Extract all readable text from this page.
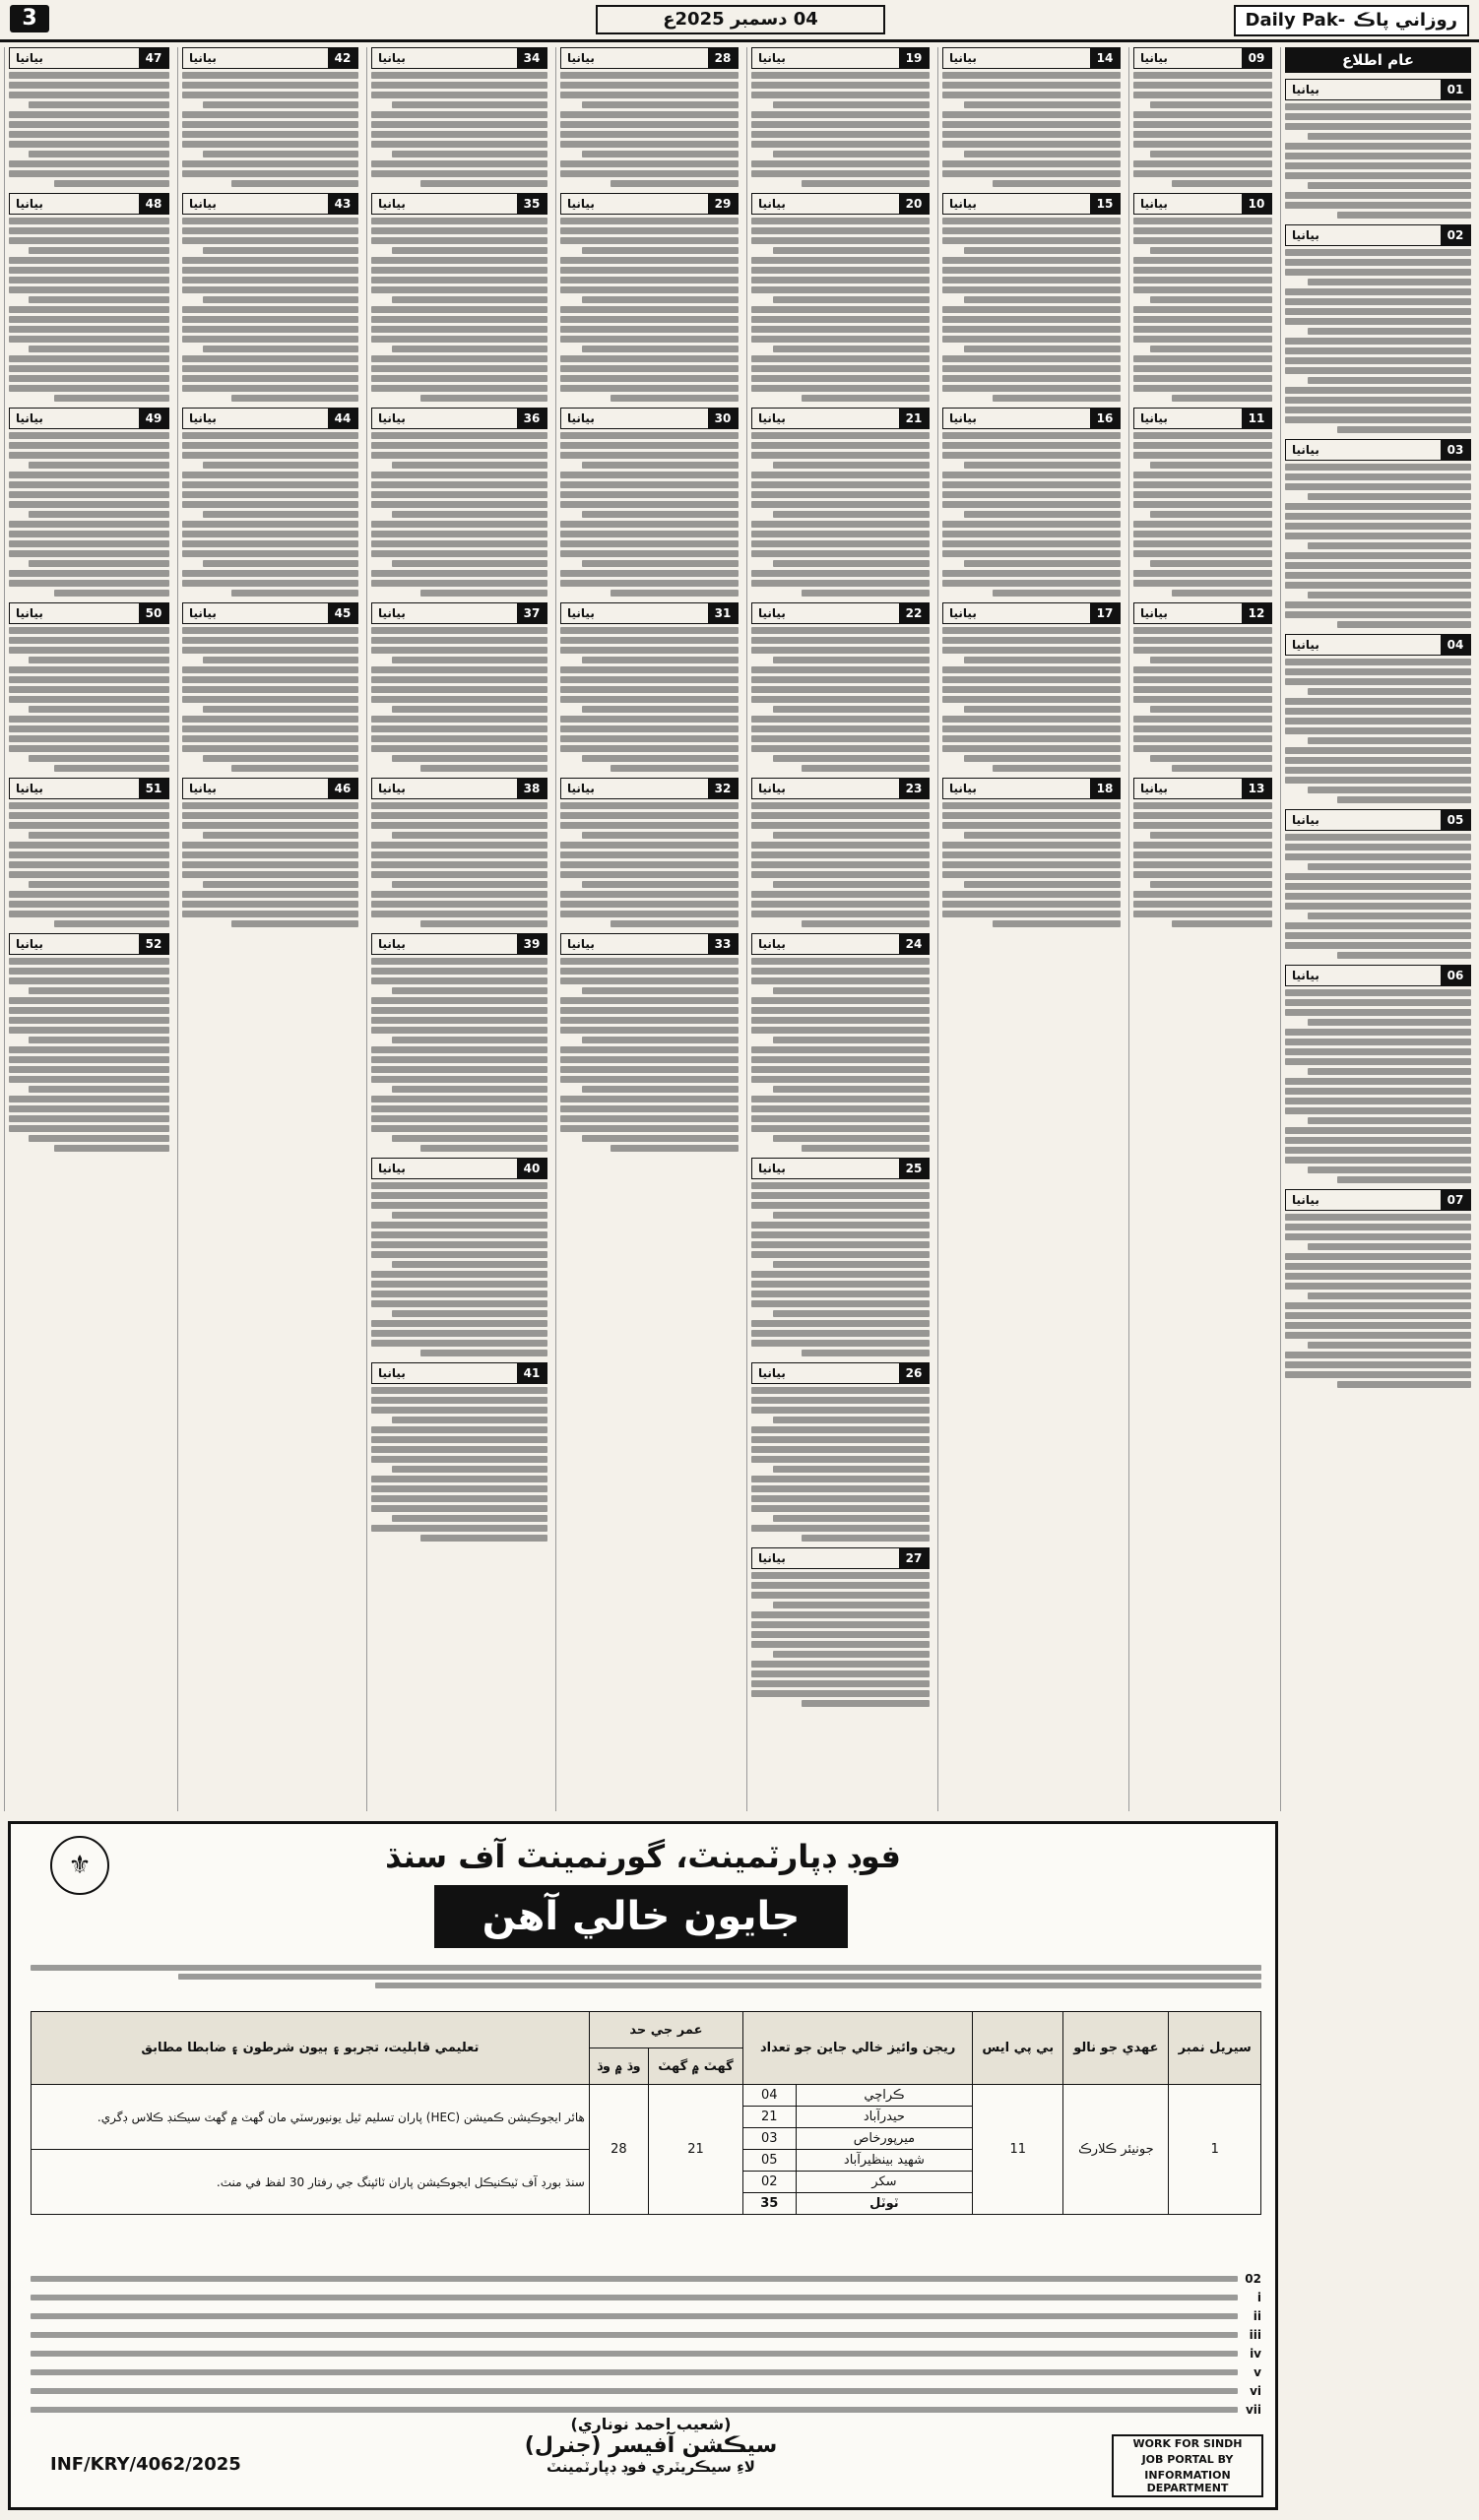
3	04 دسمبر 2025ع	Daily Pak- روزاني پاڪ
47
بيانيا
48
بيانيا
49
بيانيا
50
بيانيا
51
بيانيا
52
بيانيا
42
بيانيا
43
بيانيا
44
بيانيا
45
بيانيا
46
بيانيا
34
بيانيا
35
بيانيا
36
بيانيا
37
بيانيا
38
بيانيا
39
بيانيا
40
بيانيا
41
بيانيا
28
بيانيا
29
بيانيا
30
بيانيا
31
بيانيا
32
بيانيا
33
بيانيا
19
بيانيا
20
بيانيا
21
بيانيا
22
بيانيا
23
بيانيا
24
بيانيا
25
بيانيا
26
بيانيا
27
بيانيا
14
بيانيا
15
بيانيا
16
بيانيا
17
بيانيا
18
بيانيا
09
بيانيا
10
بيانيا
11
بيانيا
12
بيانيا
13
بيانيا
عام اطلاع
01
بيانيا
02
بيانيا
03
بيانيا
04
بيانيا
05
بيانيا
06
بيانيا
07
بيانيا
⚜	فوڊ ڊپارٽمينٽ، گورنمينٽ آف سنڌ
جايون خالي آهن
سيريل نمبر	عهدي جو نالو	بي پي ايس	ريجن وائيز خالي جاين جو تعداد		عمر جي حد		تعليمي قابليت، تجربو ۽ ٻيون شرطون ۽ ضابطا مطابق
					گهٽ ۾ گهٽ	وڌ ۾ وڌ	
1	جونيئر ڪلارڪ	11	ڪراچي	04	21	28	هائر ايجوڪيشن ڪميشن (HEC) پاران تسليم ٿيل يونيورسٽي مان گهٽ ۾ گهٽ سيڪنڊ ڪلاس ڊگري.
			حيدرآباد	21			
			ميرپورخاص	03			
			شهيد بينظيرآباد	05			سنڌ بورڊ آف ٽيڪنيڪل ايجوڪيشن پاران ٽائپنگ جي رفتار 30 لفظ في منٽ.
			سکر	02			
			ٽوٽل	35			
02
i
ii
iii
iv
v
vi
vii
(شعيب احمد نوناري)
سيڪشن آفيسر (جنرل)
لاءِ سيڪريٽري فوڊ ڊپارٽمينٽ
INF/KRY/4062/2025
WORK FOR SINDH
JOB PORTAL BY
INFORMATION DEPARTMENT
